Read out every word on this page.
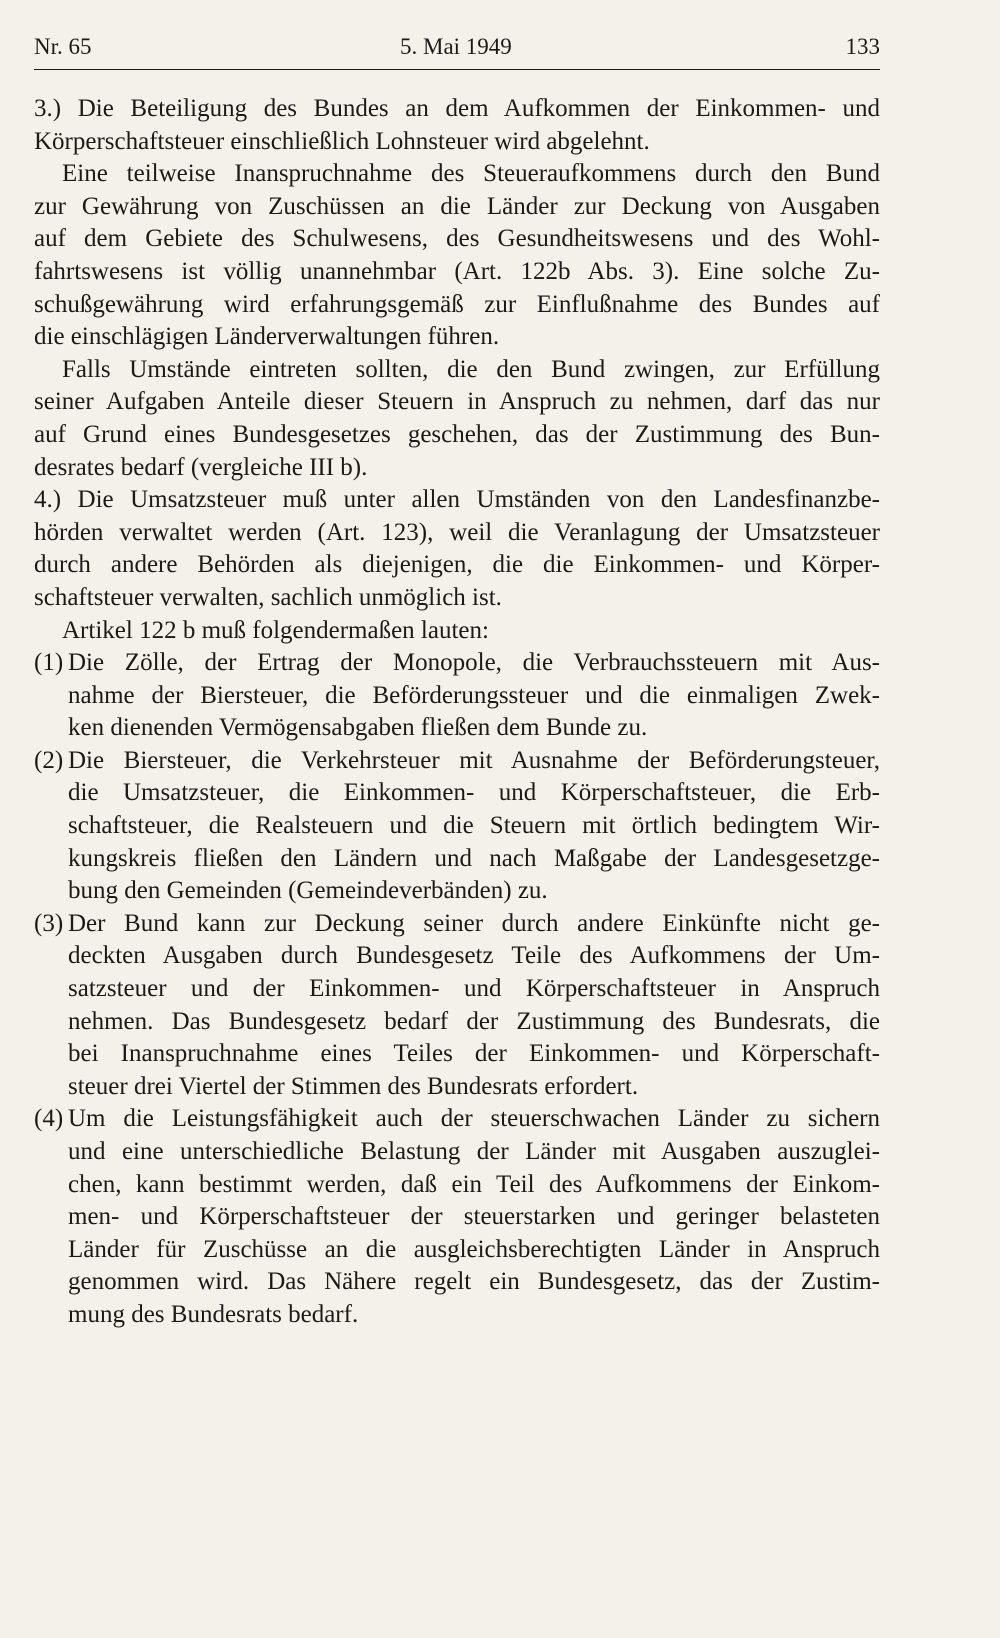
Nr. 65	5. Mai 1949	133
3.) Die Beteiligung des Bundes an dem Aufkommen der Einkommen- und
Körperschaftsteuer einschließlich Lohnsteuer wird abgelehnt.
Eine teilweise Inanspruchnahme des Steueraufkommens durch den Bund
zur Gewährung von Zuschüssen an die Länder zur Deckung von Ausgaben
auf dem Gebiete des Schulwesens, des Gesundheitswesens und des Wohl-
fahrtswesens ist völlig unannehmbar (Art. 122b Abs. 3). Eine solche Zu-
schußgewährung wird erfahrungsgemäß zur Einflußnahme des Bundes auf
die einschlägigen Länderverwaltungen führen.
Falls Umstände eintreten sollten, die den Bund zwingen, zur Erfüllung
seiner Aufgaben Anteile dieser Steuern in Anspruch zu nehmen, darf das nur
auf Grund eines Bundesgesetzes geschehen, das der Zustimmung des Bun-
desrates bedarf (vergleiche III b).
4.) Die Umsatzsteuer muß unter allen Umständen von den Landesfinanzbe-
hörden verwaltet werden (Art. 123), weil die Veranlagung der Umsatzsteuer
durch andere Behörden als diejenigen, die die Einkommen- und Körper-
schaftsteuer verwalten, sachlich unmöglich ist.
Artikel 122 b muß folgendermaßen lauten:
(1) Die Zölle, der Ertrag der Monopole, die Verbrauchssteuern mit Aus-
nahme der Biersteuer, die Beförderungssteuer und die einmaligen Zwek-
ken dienenden Vermögensabgaben fließen dem Bunde zu.
(2) Die Biersteuer, die Verkehrsteuer mit Ausnahme der Beförderungsteuer,
die Umsatzsteuer, die Einkommen- und Körperschaftsteuer, die Erb-
schaftsteuer, die Realsteuern und die Steuern mit örtlich bedingtem Wir-
kungskreis fließen den Ländern und nach Maßgabe der Landesgesetzge-
bung den Gemeinden (Gemeindeverbänden) zu.
(3) Der Bund kann zur Deckung seiner durch andere Einkünfte nicht ge-
deckten Ausgaben durch Bundesgesetz Teile des Aufkommens der Um-
satzsteuer und der Einkommen- und Körperschaftsteuer in Anspruch
nehmen. Das Bundesgesetz bedarf der Zustimmung des Bundesrats, die
bei Inanspruchnahme eines Teiles der Einkommen- und Körperschaft-
steuer drei Viertel der Stimmen des Bundesrats erfordert.
(4) Um die Leistungsfähigkeit auch der steuerschwachen Länder zu sichern
und eine unterschiedliche Belastung der Länder mit Ausgaben auszuglei-
chen, kann bestimmt werden, daß ein Teil des Aufkommens der Einkom-
men- und Körperschaftsteuer der steuerstarken und geringer belasteten
Länder für Zuschüsse an die ausgleichsberechtigten Länder in Anspruch
genommen wird. Das Nähere regelt ein Bundesgesetz, das der Zustim-
mung des Bundesrats bedarf.
